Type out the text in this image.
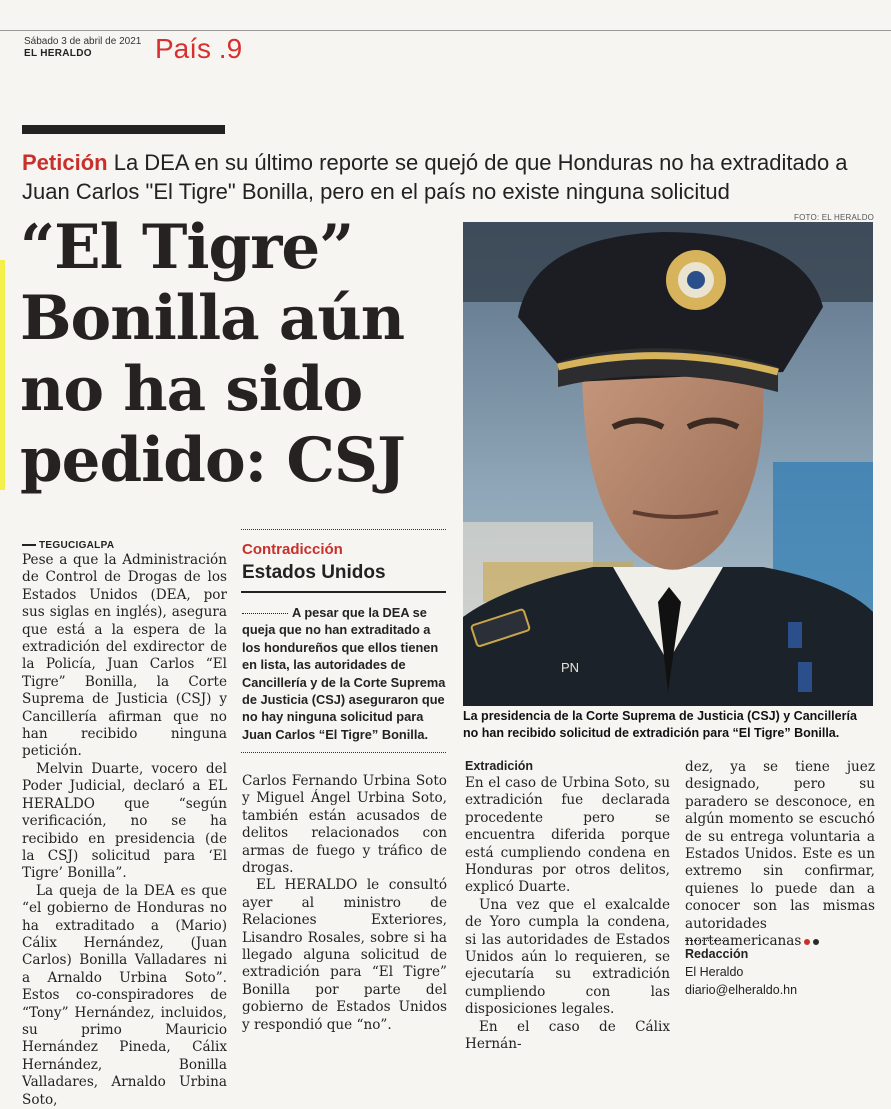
Sábado 3 de abril de 2021
EL HERALDO País .9
Petición La DEA en su último reporte se quejó de que Honduras no ha extraditado a Juan Carlos "El Tigre" Bonilla, pero en el país no existe ninguna solicitud
FOTO: EL HERALDO
“El Tigre” Bonilla aún no ha sido pedido: CSJ
PN
La presidencia de la Corte Suprema de Justicia (CSJ) y Cancillería no han recibido solicitud de extradición para “El Tigre” Bonilla.
TEGUCIGALPA

Pese a que la Administración de Control de Drogas de los Estados Unidos (DEA, por sus siglas en inglés), asegura que está a la espera de la extradición del exdirector de la Policía, Juan Carlos “El Tigre” Bonilla, la Corte Suprema de Justicia (CSJ) y Cancillería afirman que no han recibido ninguna petición.

Melvin Duarte, vocero del Poder Judicial, declaró a EL HERALDO que “según verificación, no se ha recibido en presidencia (de la CSJ) solicitud para ‘El Tigre’ Bonilla”.

La queja de la DEA es que “el gobierno de Honduras no ha extraditado a (Mario) Cálix Hernández, (Juan Carlos) Bonilla Valladares ni a Arnaldo Urbina Soto”. Estos co-conspiradores de “Tony” Hernández, incluidos, su primo Mauricio Hernández Pineda, Cálix Hernández, Bonilla Valladares, Arnaldo Urbina Soto,

Contradicción
Estados Unidos
A pesar que la DEA se queja que no han extraditado a los hondureños que ellos tienen en lista, las autoridades de Cancillería y de la Corte Suprema de Justicia (CSJ) aseguraron que no hay ninguna solicitud para Juan Carlos “El Tigre” Bonilla.

Carlos Fernando Urbina Soto y Miguel Ángel Urbina Soto, también están acusados de delitos relacionados con armas de fuego y tráfico de drogas.

EL HERALDO le consultó ayer al ministro de Relaciones Exteriores, Lisandro Rosales, sobre si ha llegado alguna solicitud de extradición para “El Tigre” Bonilla por parte del gobierno de Estados Unidos y respondió que “no”.

Extradición

En el caso de Urbina Soto, su extradición fue declarada procedente pero se encuentra diferida porque está cumpliendo condena en Honduras por otros delitos, explicó Duarte.

Una vez que el exalcalde de Yoro cumpla la condena, si las autoridades de Estados Unidos aún lo requieren, se ejecutaría su extradición cumpliendo con las disposiciones legales.

En el caso de Cálix Hernán-

dez, ya se tiene juez designado, pero su paradero se desconoce, en algún momento se escuchó de su entrega voluntaria a Estados Unidos. Este es un extremo sin confirmar, quienes lo puede dan a conocer son las mismas autoridades norteamericanas

Redacción
El Heraldo
diario@elheraldo.hn
